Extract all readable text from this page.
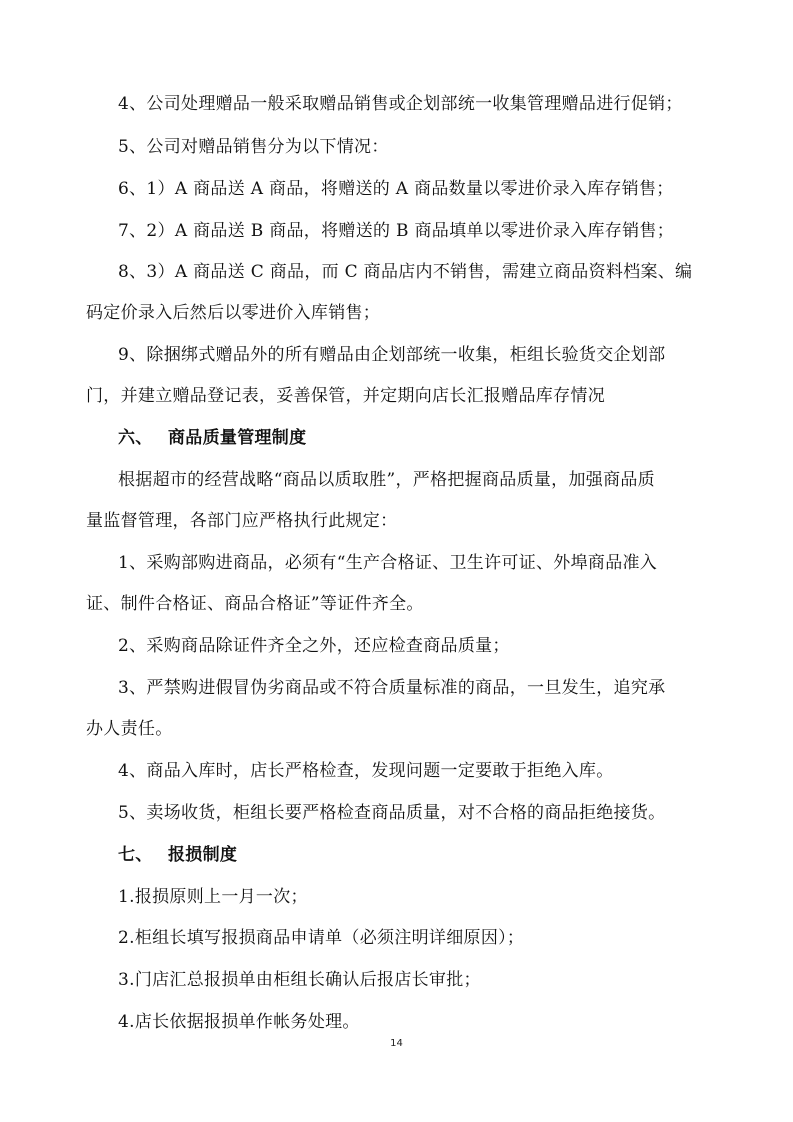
4、公司处理赠品一般采取赠品销售或企划部统一收集管理赠品进行促销；
5、公司对赠品销售分为以下情况：
6、1）A 商品送 A 商品，将赠送的 A 商品数量以零进价录入库存销售；
7、2）A 商品送 B 商品，将赠送的 B 商品填单以零进价录入库存销售；
8、3）A 商品送 C 商品，而 C 商品店内不销售，需建立商品资料档案、编
码定价录入后然后以零进价入库销售；
9、除捆绑式赠品外的所有赠品由企划部统一收集，柜组长验货交企划部
门，并建立赠品登记表，妥善保管，并定期向店长汇报赠品库存情况
六、 商品质量管理制度
根据超市的经营战略“商品以质取胜”，严格把握商品质量，加强商品质
量监督管理，各部门应严格执行此规定：
1、采购部购进商品，必须有“生产合格证、卫生许可证、外埠商品准入
证、制件合格证、商品合格证”等证件齐全。
2、采购商品除证件齐全之外，还应检查商品质量；
3、严禁购进假冒伪劣商品或不符合质量标准的商品，一旦发生，追究承
办人责任。
4、商品入库时，店长严格检查，发现问题一定要敢于拒绝入库。
5、卖场收货，柜组长要严格检查商品质量，对不合格的商品拒绝接货。
七、 报损制度
1.报损原则上一月一次；
2.柜组长填写报损商品申请单（必须注明详细原因）；
3.门店汇总报损单由柜组长确认后报店长审批；
4.店长依据报损单作帐务处理。
14
